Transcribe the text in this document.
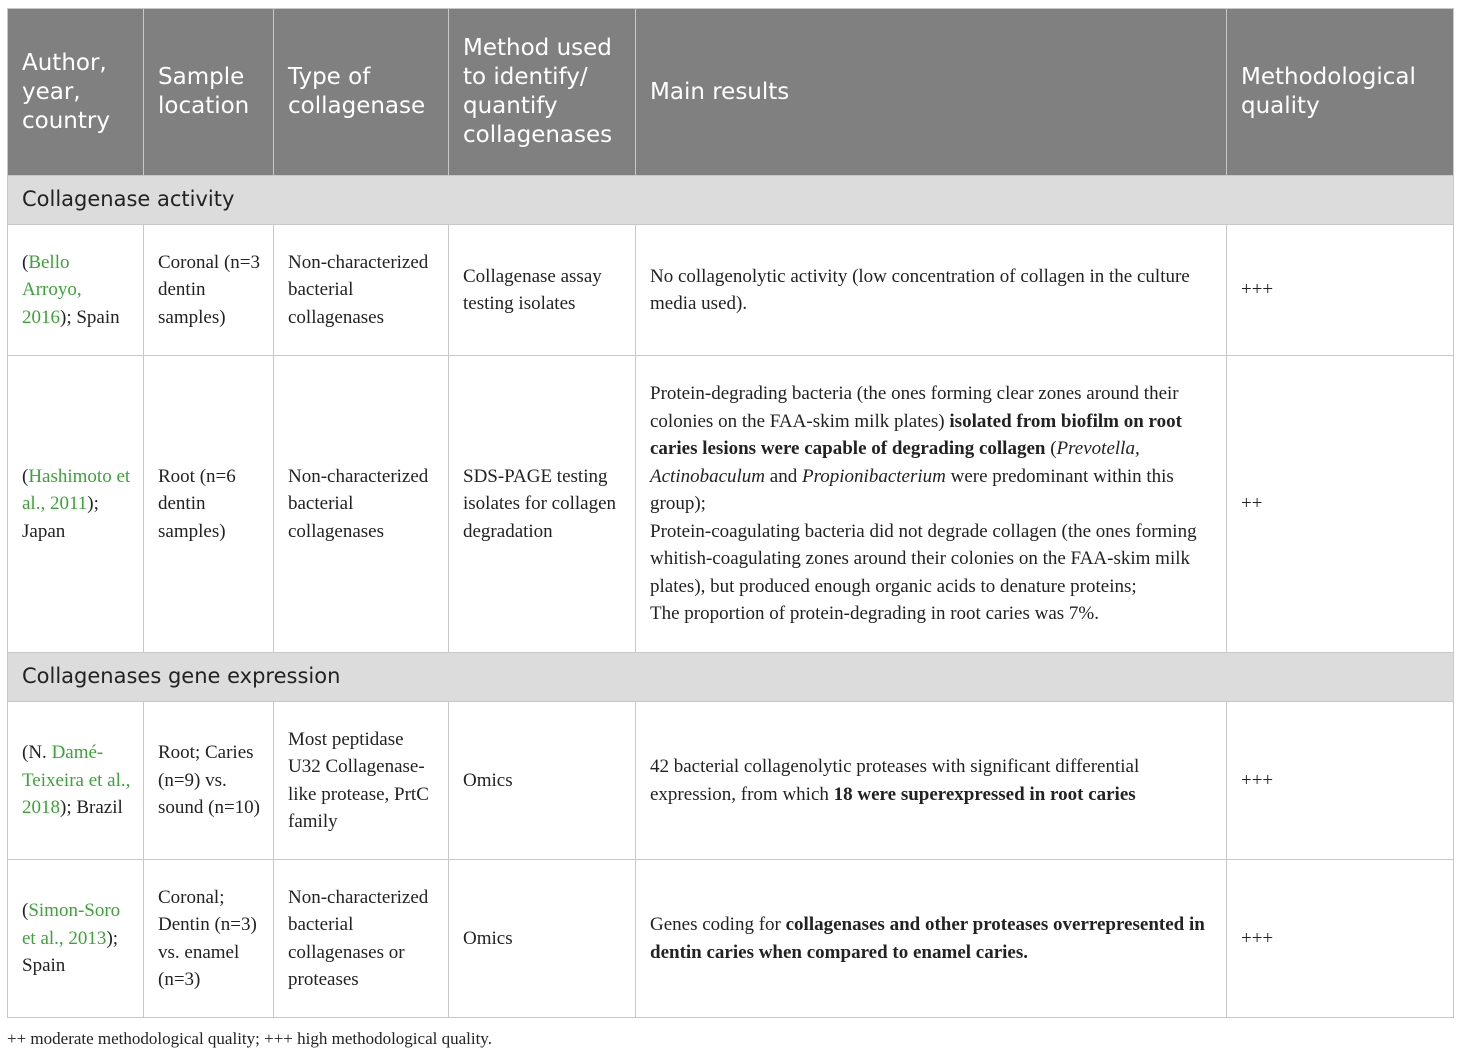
Author, year, country	Sample location	Type of collagenase	Method used to identify/ quantify collagenases	Main results	Methodological quality
Collagenase activity					
(Bello Arroyo, 2016); Spain	Coronal (n=3 dentin samples)	Non-characterized bacterial collagenases	Collagenase assay testing isolates	No collagenolytic activity (low concentration of collagen in the culture media used).	+++
(Hashimoto et al., 2011); Japan	Root (n=6 dentin samples)	Non-characterized bacterial collagenases	SDS-PAGE testing isolates for collagen degradation	Protein-degrading bacteria (the ones forming clear zones around their colonies on the FAA-skim milk plates) isolated from biofilm on root caries lesions were capable of degrading collagen (Prevotella, Actinobaculum and Propionibacterium were predominant within this group);
Protein-coagulating bacteria did not degrade collagen (the ones forming whitish-coagulating zones around their colonies on the FAA-skim milk plates), but produced enough organic acids to denature proteins;
The proportion of protein-degrading in root caries was 7%.	++
Collagenases gene expression					
(N. Damé-Teixeira et al., 2018); Brazil	Root; Caries (n=9) vs. sound (n=10)	Most peptidase U32 Collagenase-like protease, PrtC family	Omics	42 bacterial collagenolytic proteases with significant differential expression, from which 18 were superexpressed in root caries	+++
(Simon-Soro et al., 2013); Spain	Coronal; Dentin (n=3) vs. enamel (n=3)	Non-characterized bacterial collagenases or proteases	Omics	Genes coding for collagenases and other proteases overrepresented in dentin caries when compared to enamel caries.	+++
++ moderate methodological quality; +++ high methodological quality.
